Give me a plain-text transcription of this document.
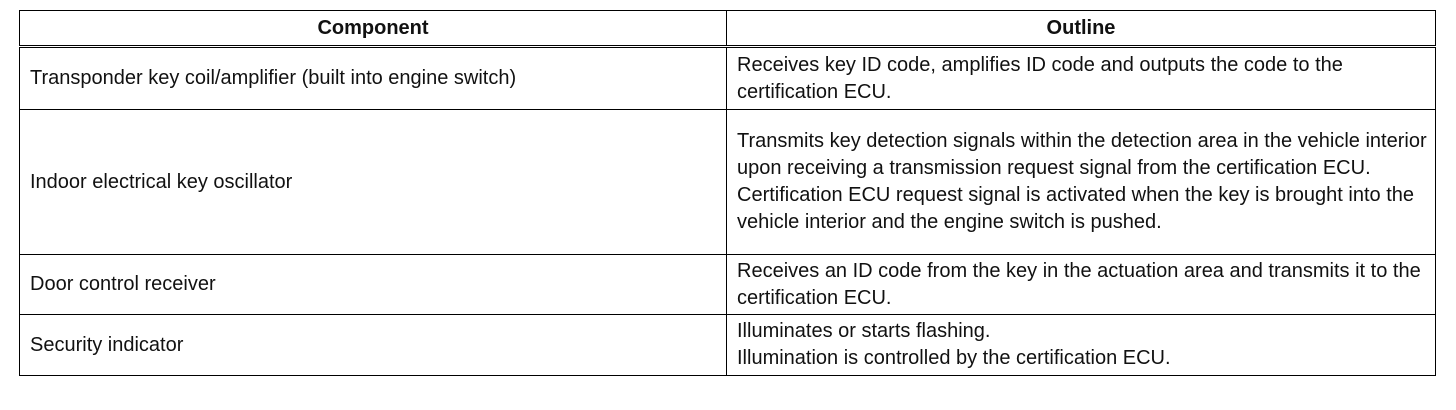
Component	Outline
Transponder key coil/amplifier (built into engine switch)	Receives key ID code, amplifies ID code and outputs the code to the certification ECU.

Indoor electrical key oscillator	Transmits key detection signals within the detection area in the vehicle interior upon receiving a transmission request signal from the certification ECU.
Certification ECU request signal is activated when the key is brought into the vehicle interior and the engine switch is pushed.

Door control receiver	Receives an ID code from the key in the actuation area and transmits it to the certification ECU.

Security indicator	Illuminates or starts flashing.
Illumination is controlled by the certification ECU.
